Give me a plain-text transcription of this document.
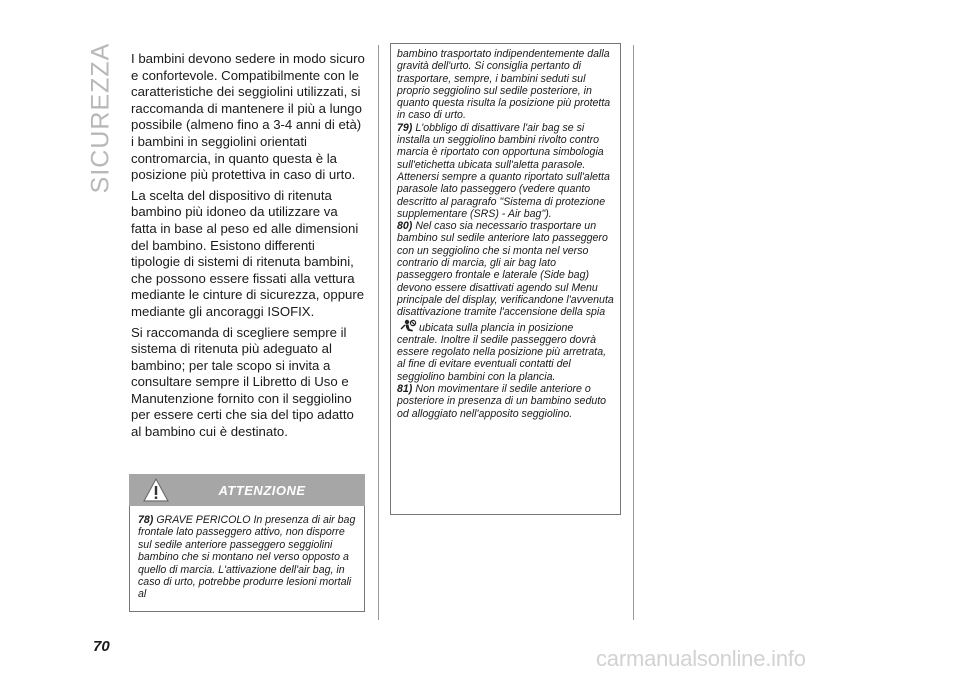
SICUREZZA I bambini devono sedere in modo sicuro e confortevole. Compatibilmente con le caratteristiche dei seggiolini utilizzati, si raccomanda di mantenere il più a lungo possibile (almeno fino a 3-4 anni di età) i bambini in seggiolini orientati contromarcia, in quanto questa è la posizione più protettiva in caso di urto.

La scelta del dispositivo di ritenuta bambino più idoneo da utilizzare va fatta in base al peso ed alle dimensioni del bambino. Esistono differenti tipologie di sistemi di ritenuta bambini, che possono essere fissati alla vettura mediante le cinture di sicurezza, oppure mediante gli ancoraggi ISOFIX.

Si raccomanda di scegliere sempre il sistema di ritenuta più adeguato al bambino; per tale scopo si invita a consultare sempre il Libretto di Uso e Manutenzione fornito con il seggiolino per essere certi che sia del tipo adatto al bambino cui è destinato.

ATTENZIONE

78) GRAVE PERICOLO In presenza di air bag frontale lato passeggero attivo, non disporre sul sedile anteriore passeggero seggiolini bambino che si montano nel verso opposto a quello di marcia. L'attivazione dell'air bag, in caso di urto, potrebbe produrre lesioni mortali al

bambino trasportato indipendentemente dalla gravità dell'urto. Si consiglia pertanto di trasportare, sempre, i bambini seduti sul proprio seggiolino sul sedile posteriore, in quanto questa risulta la posizione più protetta in caso di urto.

79) L'obbligo di disattivare l'air bag se si installa un seggiolino bambini rivolto contro marcia è riportato con opportuna simbologia sull'etichetta ubicata sull'aletta parasole. Attenersi sempre a quanto riportato sull'aletta parasole lato passeggero (vedere quanto descritto al paragrafo "Sistema di protezione supplementare (SRS) - Air bag").

80) Nel caso sia necessario trasportare un bambino sul sedile anteriore lato passeggero con un seggiolino che si monta nel verso contrario di marcia, gli air bag lato passeggero frontale e laterale (Side bag) devono essere disattivati agendo sul Menu principale del display, verificandone l'avvenuta disattivazione tramite l'accensione della spiaubicata sulla plancia in posizione centrale. Inoltre il sedile passeggero dovrà essere regolato nella posizione più arretrata, al fine di evitare eventuali contatti del seggiolino bambini con la plancia.

81) Non movimentare il sedile anteriore o posteriore in presenza di un bambino seduto od alloggiato nell'apposito seggiolino.

70	carmanualsonline.info
